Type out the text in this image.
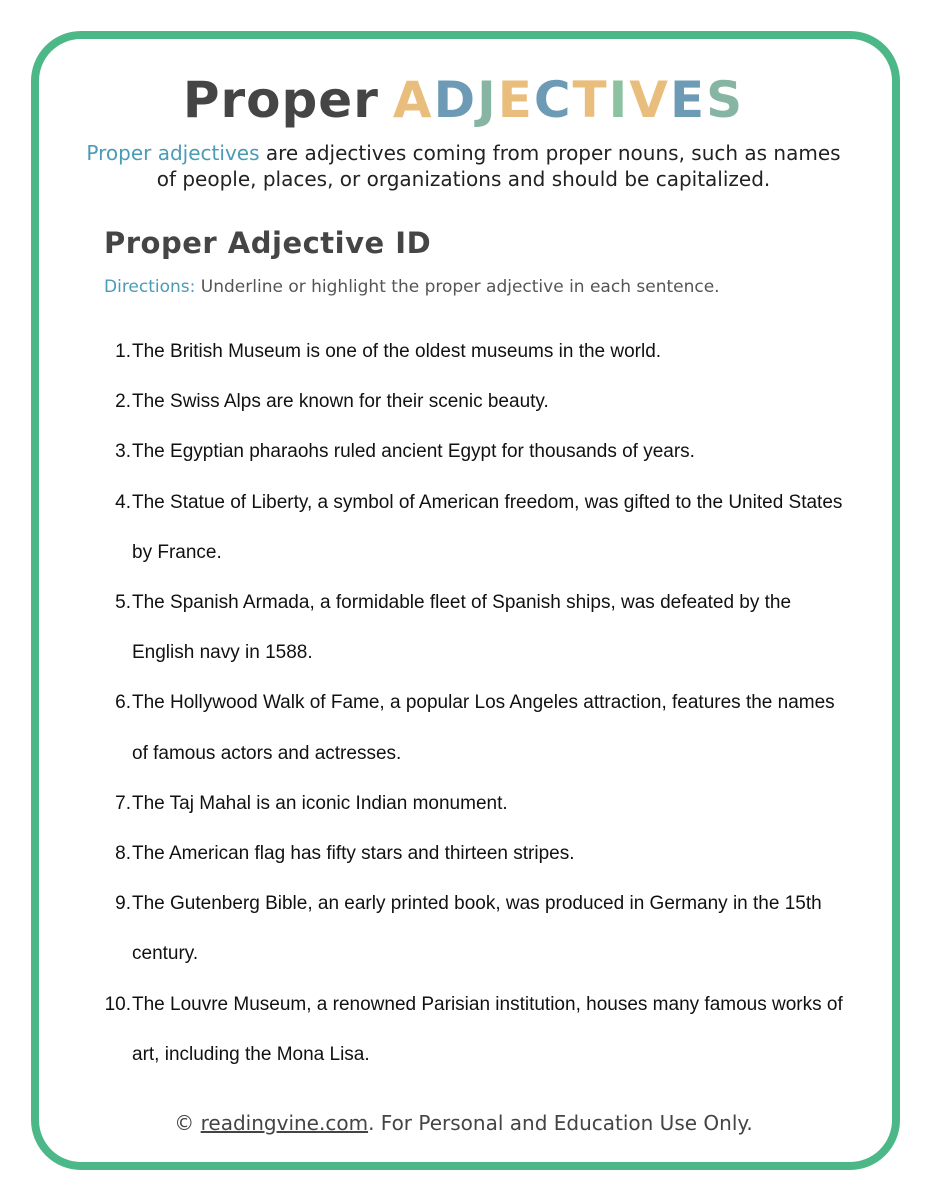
Proper ADJECTIVES
Proper adjectives are adjectives coming from proper nouns, such as names of people, places, or organizations and should be capitalized.
Proper Adjective ID
Directions: Underline or highlight the proper adjective in each sentence.
1. The British Museum is one of the oldest museums in the world.
2. The Swiss Alps are known for their scenic beauty.
3. The Egyptian pharaohs ruled ancient Egypt for thousands of years.
4. The Statue of Liberty, a symbol of American freedom, was gifted to the United States by France.
5. The Spanish Armada, a formidable fleet of Spanish ships, was defeated by the English navy in 1588.
6. The Hollywood Walk of Fame, a popular Los Angeles attraction, features the names of famous actors and actresses.
7. The Taj Mahal is an iconic Indian monument.
8. The American flag has fifty stars and thirteen stripes.
9. The Gutenberg Bible, an early printed book, was produced in Germany in the 15th century.
10. The Louvre Museum, a renowned Parisian institution, houses many famous works of art, including the Mona Lisa.
© readingvine.com. For Personal and Education Use Only.
